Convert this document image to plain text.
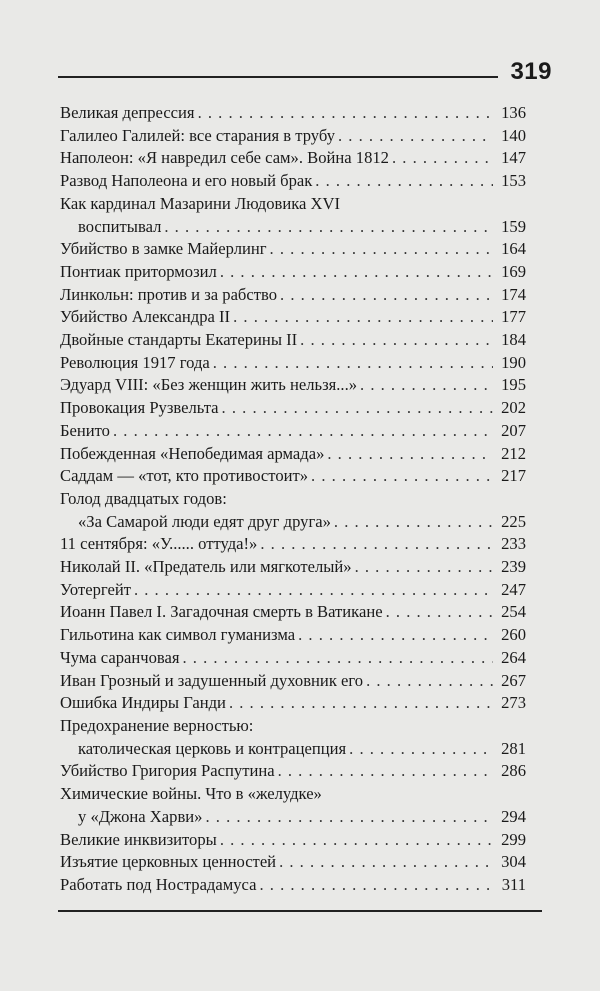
319
Великая депрессия . . .	136
Галилео Галилей: все старания в трубу . . .	140
Наполеон: «Я навредил себе сам». Война 1812 . . .	147
Развод Наполеона и его новый брак . . .	153
Как кардинал Мазарини Людовика XVI
воспитывал . . .	159
Убийство в замке Майерлинг . . .	164
Понтиак притормозил . . .	169
Линкольн: против и за рабство . . .	174
Убийство Александра II . . .	177
Двойные стандарты Екатерины II . . .	184
Революция 1917 года . . .	190
Эдуард VIII: «Без женщин жить нельзя...» . . .	195
Провокация Рузвельта . . .	202
Бенито . . .	207
Побежденная «Непобедимая армада» . . .	212
Саддам — «тот, кто противостоит» . . .	217
Голод двадцатых годов:
«За Самарой люди едят друг друга» . . .	225
11 сентября: «У...... оттуда!» . . .	233
Николай II. «Предатель или мягкотелый» . . .	239
Уотергейт . . .	247
Иоанн Павел I. Загадочная смерть в Ватикане . . .	254
Гильотина как символ гуманизма . . .	260
Чума саранчовая . . .	264
Иван Грозный и задушенный духовник его . . .	267
Ошибка Индиры Ганди . . .	273
Предохранение верностью:
католическая церковь и контрацепция . . .	281
Убийство Григория Распутина . . .	286
Химические войны. Что в «желудке»
у «Джона Харви» . . .	294
Великие инквизиторы . . .	299
Изъятие церковных ценностей . . .	304
Работать под Нострадамуса . . .	311
